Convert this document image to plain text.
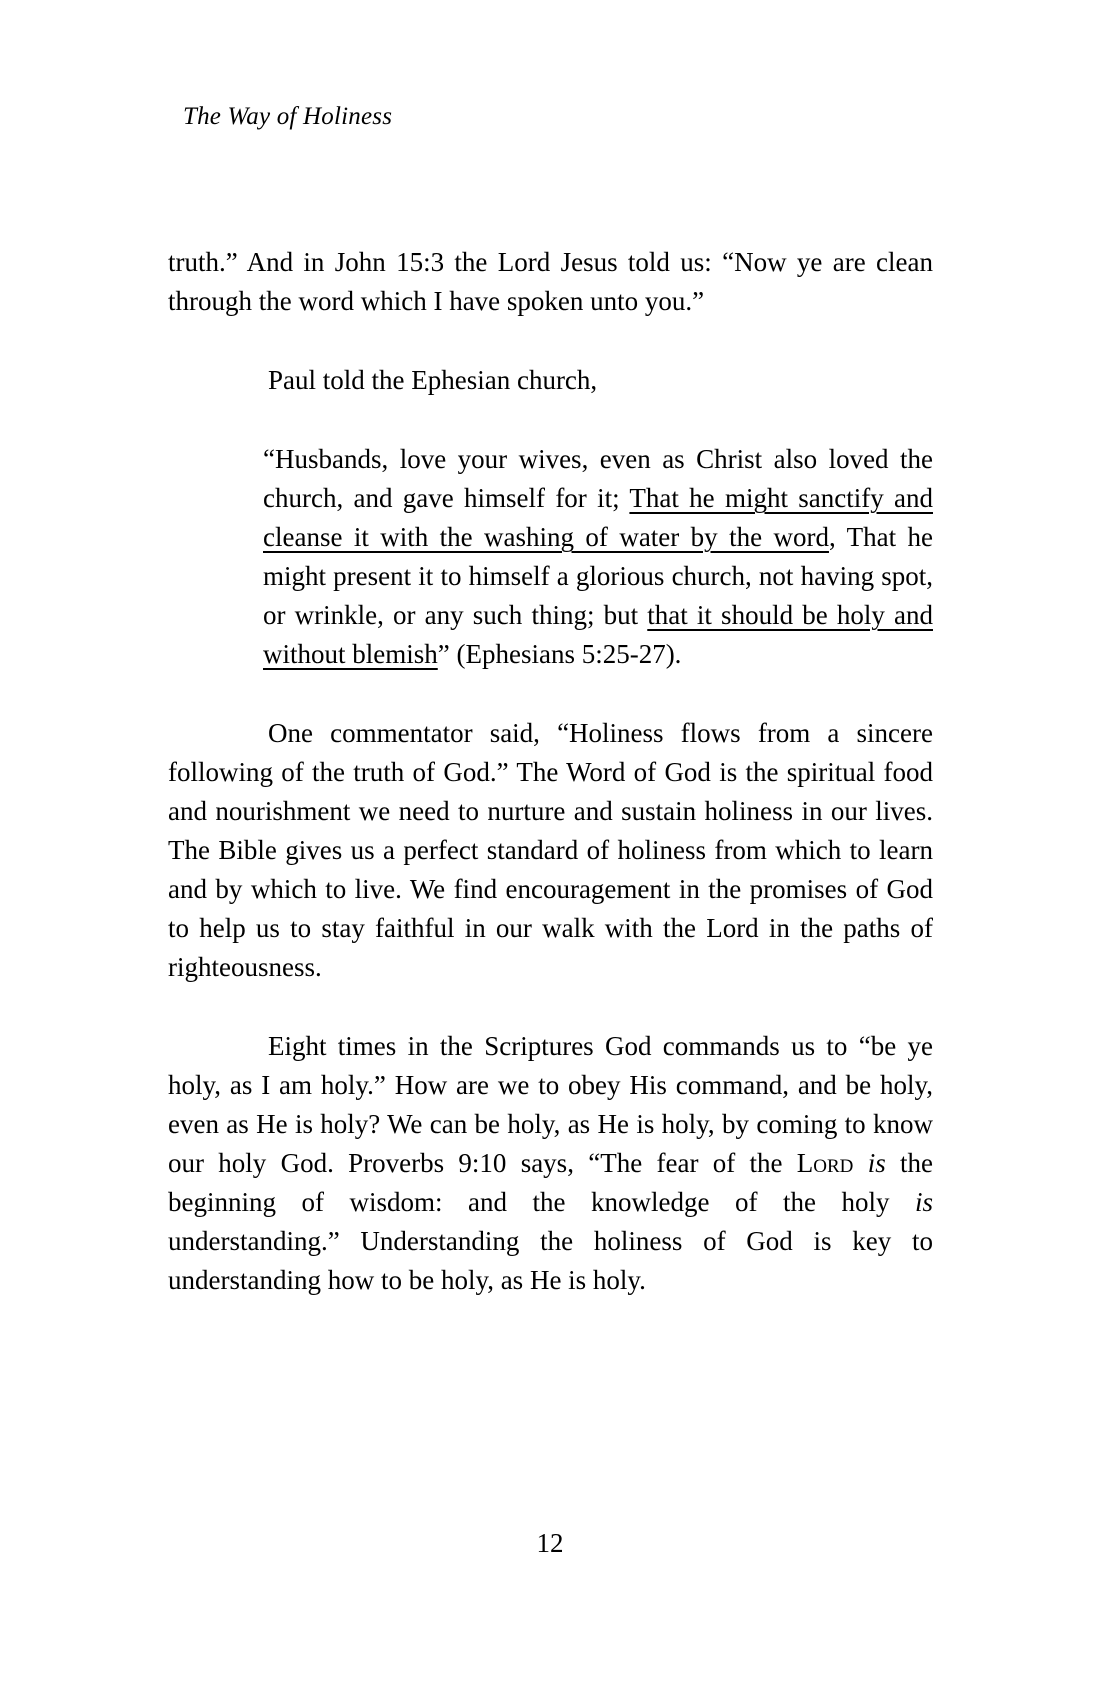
The Way of Holiness

truth.” And in John 15:3 the Lord Jesus told us: “Now ye are clean through the word which I have spoken unto you.”

Paul told the Ephesian church,

“Husbands, love your wives, even as Christ also loved the church, and gave himself for it; That he might sanctify and cleanse it with the washing of water by the word, That he might present it to himself a glorious church, not having spot, or wrinkle, or any such thing; but that it should be holy and without blemish” (Ephesians 5:25-27).

One commentator said, “Holiness flows from a sincere following of the truth of God.” The Word of God is the spiritual food and nourishment we need to nurture and sustain holiness in our lives. The Bible gives us a perfect standard of holiness from which to learn and by which to live. We find encouragement in the promises of God to help us to stay faithful in our walk with the Lord in the paths of righteousness.

Eight times in the Scriptures God commands us to “be ye holy, as I am holy.” How are we to obey His command, and be holy, even as He is holy? We can be holy, as He is holy, by coming to know our holy God. Proverbs 9:10 says, “The fear of the Lord is the beginning of wisdom: and the knowledge of the holy is understanding.” Understanding the holiness of God is key to understanding how to be holy, as He is holy.

12
